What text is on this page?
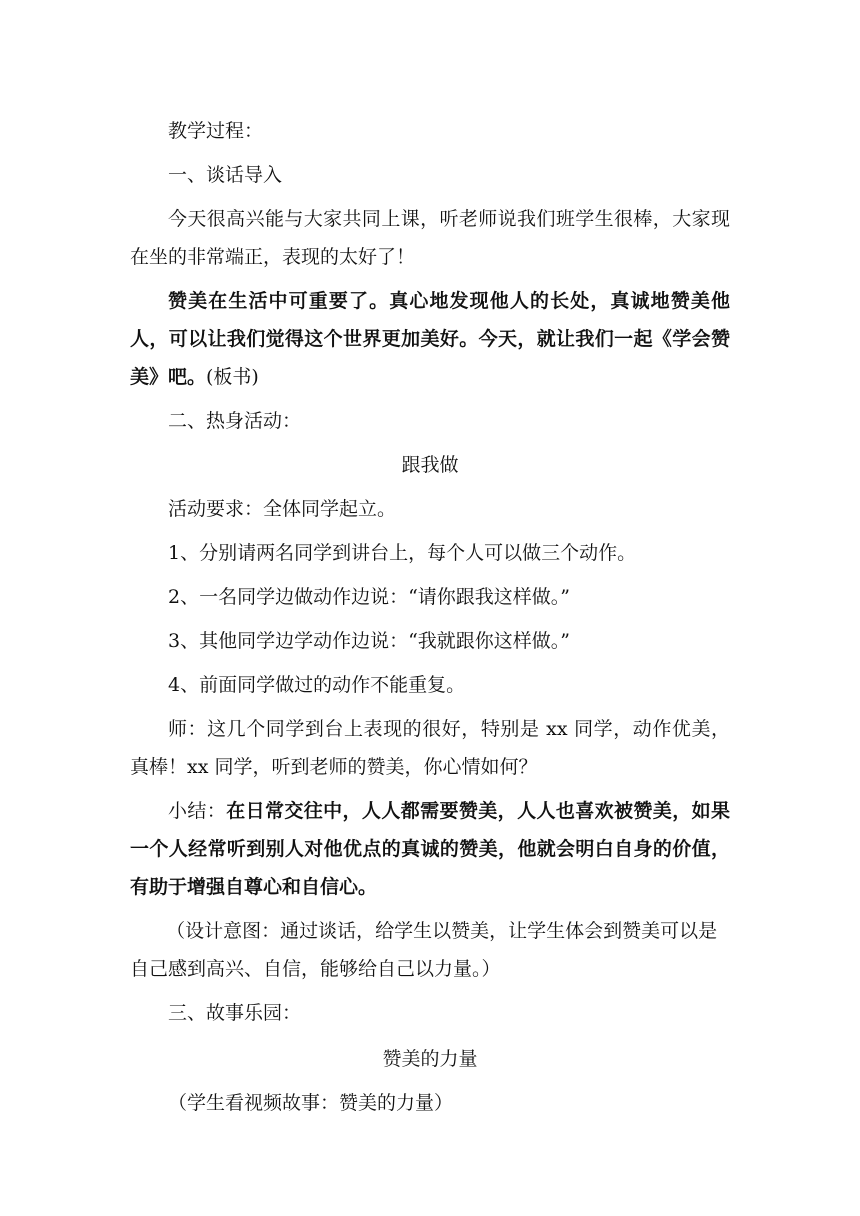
教学过程：

一、谈话导入

今天很高兴能与大家共同上课，听老师说我们班学生很棒，大家现在坐的非常端正，表现的太好了！

赞美在生活中可重要了。真心地发现他人的长处，真诚地赞美他人，可以让我们觉得这个世界更加美好。今天，就让我们一起《学会赞美》吧。(板书)

二、热身活动：

跟我做

活动要求：全体同学起立。

1、分别请两名同学到讲台上，每个人可以做三个动作。

2、一名同学边做动作边说：“请你跟我这样做。”

3、其他同学边学动作边说：“我就跟你这样做。”

4、前面同学做过的动作不能重复。

师：这几个同学到台上表现的很好，特别是 xx 同学，动作优美，真棒！xx 同学，听到老师的赞美，你心情如何？

小结：在日常交往中，人人都需要赞美，人人也喜欢被赞美，如果一个人经常听到别人对他优点的真诚的赞美，他就会明白自身的价值，有助于增强自尊心和自信心。

（设计意图：通过谈话，给学生以赞美，让学生体会到赞美可以是自己感到高兴、自信，能够给自己以力量。）

三、故事乐园：

赞美的力量

（学生看视频故事：赞美的力量）
